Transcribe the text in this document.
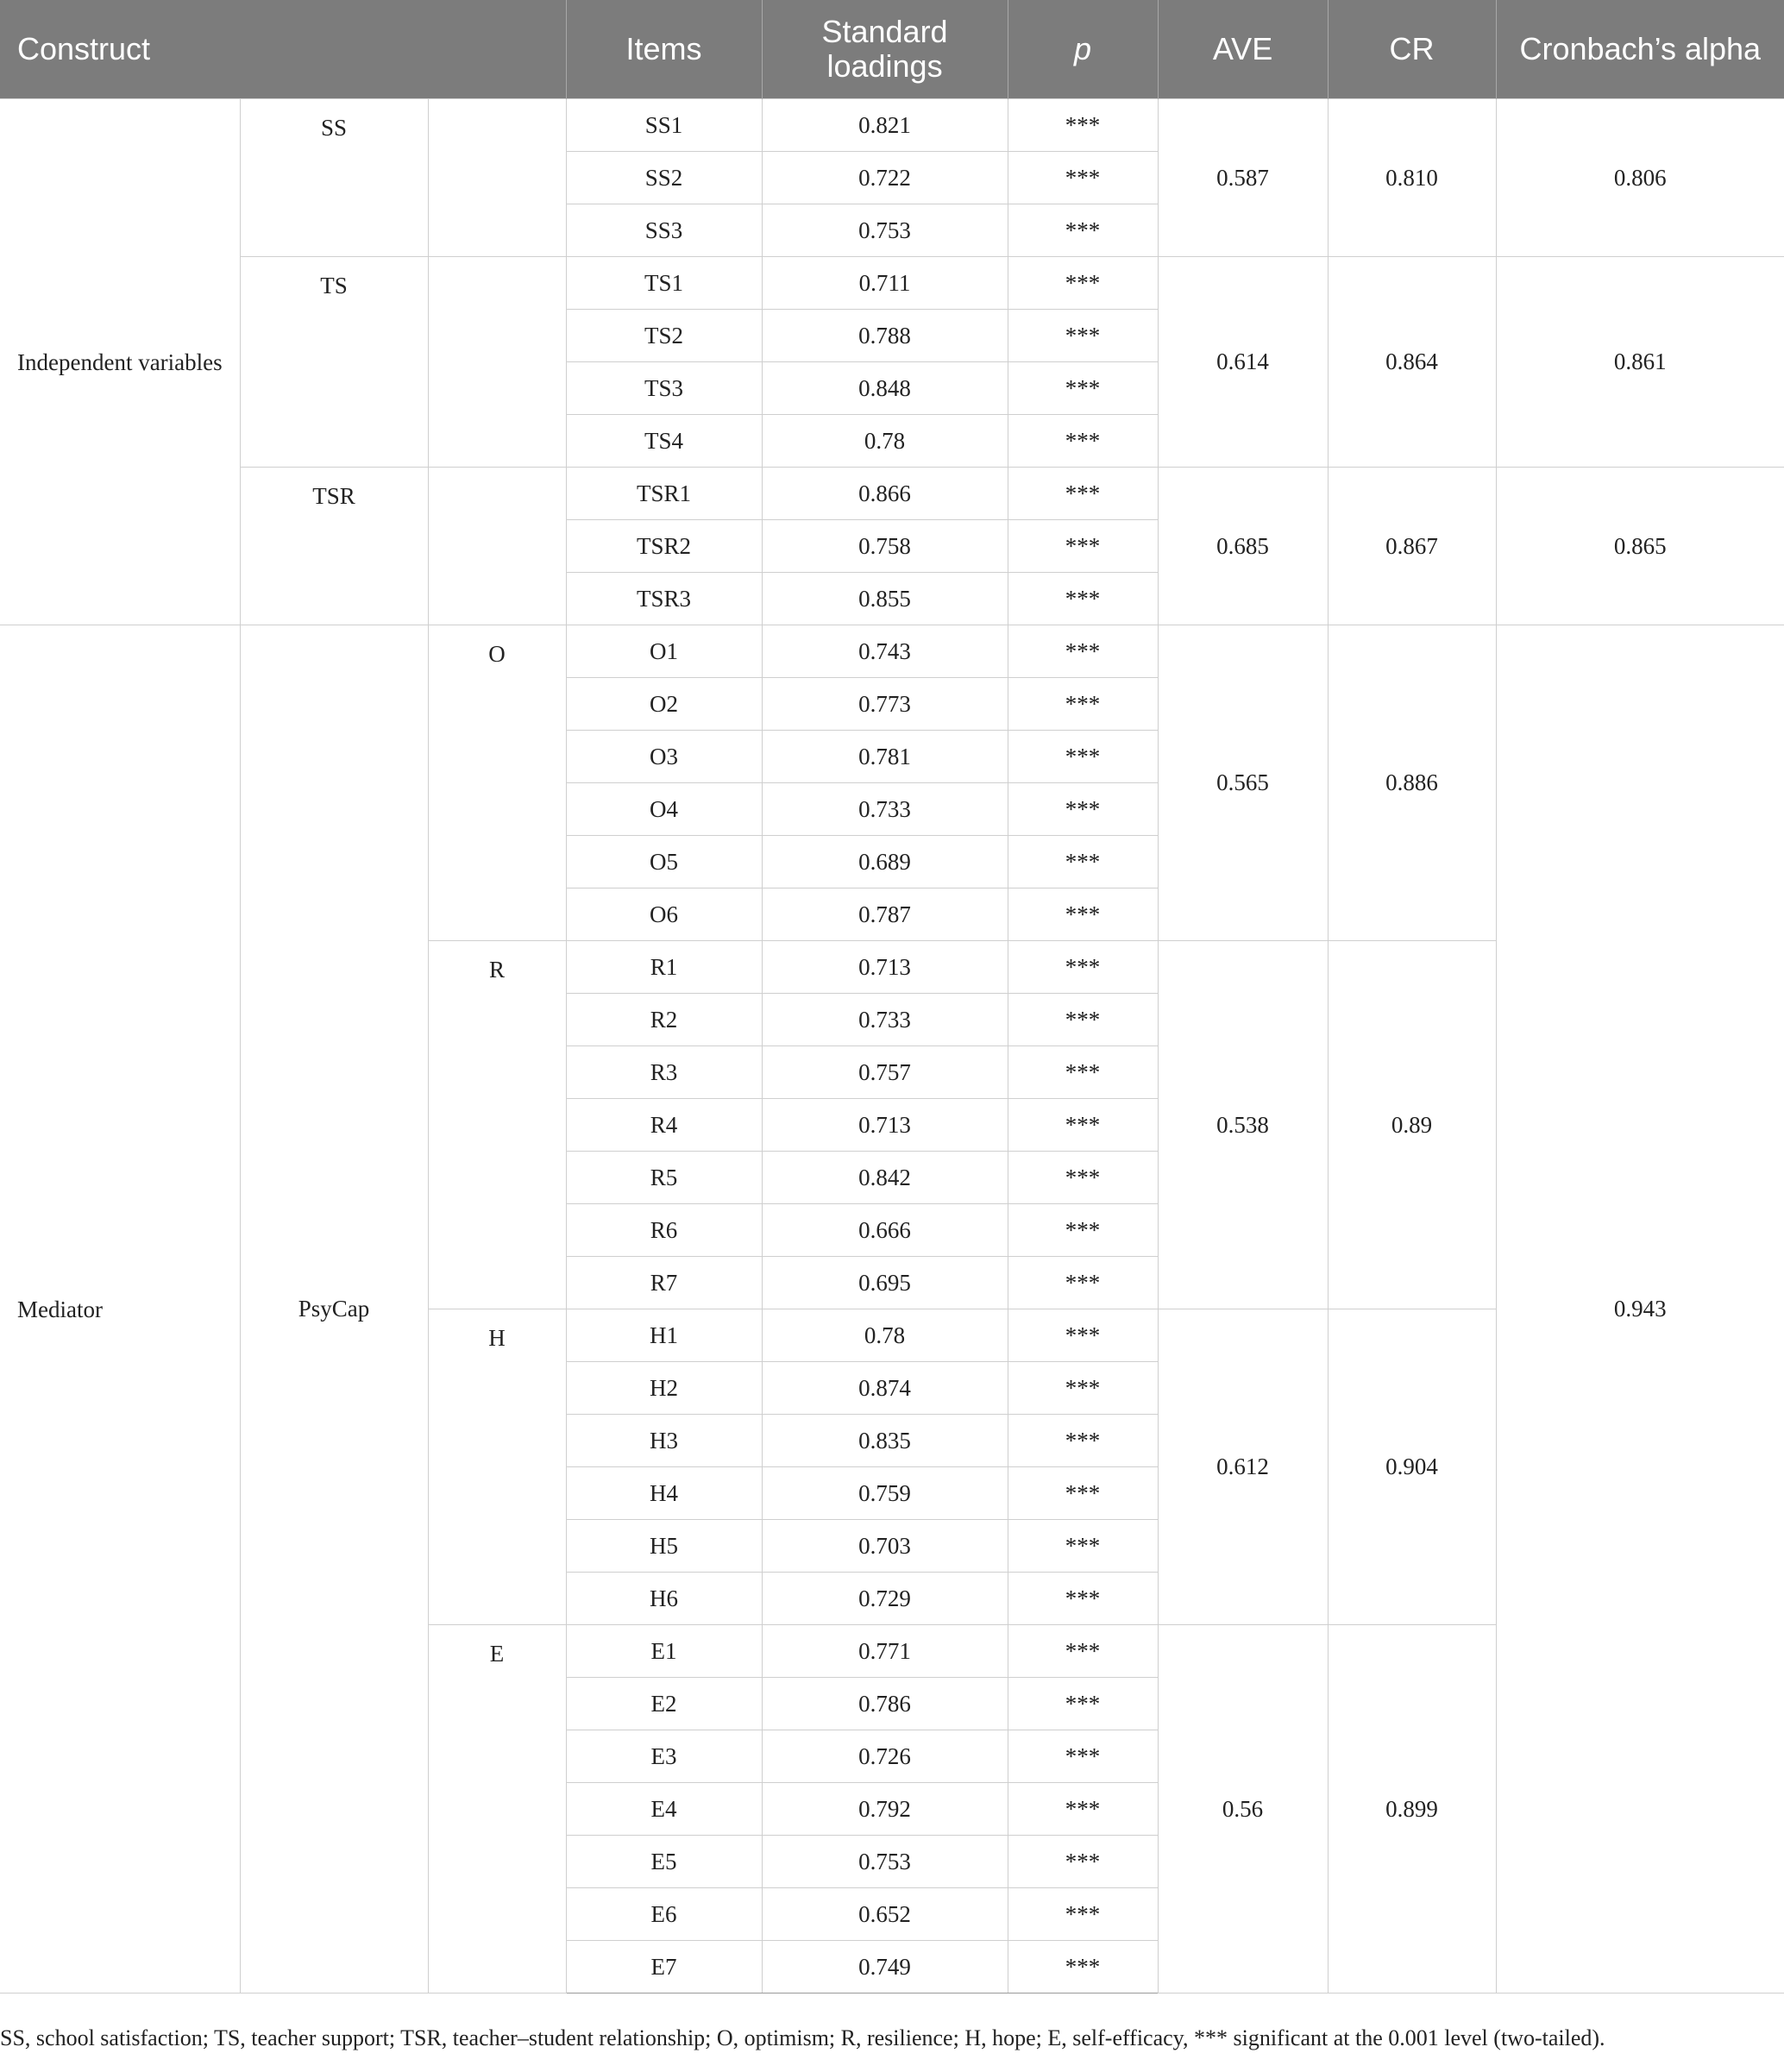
Construct			Items	Standard loadings	p	AVE	CR	Cronbach’s alpha
Independent variables	SS		SS1	0.821	***	0.587	0.810	0.806
			SS2	0.722	***			
			SS3	0.753	***			
	TS		TS1	0.711	***	0.614	0.864	0.861
			TS2	0.788	***			
			TS3	0.848	***			
			TS4	0.78	***			
	TSR		TSR1	0.866	***	0.685	0.867	0.865
			TSR2	0.758	***			
			TSR3	0.855	***			
Mediator	PsyCap	O	O1	0.743	***	0.565	0.886	0.943
			O2	0.773	***			
			O3	0.781	***			
			O4	0.733	***			
			O5	0.689	***			
			O6	0.787	***			
		R	R1	0.713	***	0.538	0.89	
			R2	0.733	***			
			R3	0.757	***			
			R4	0.713	***			
			R5	0.842	***			
			R6	0.666	***			
			R7	0.695	***			
		H	H1	0.78	***	0.612	0.904	
			H2	0.874	***			
			H3	0.835	***			
			H4	0.759	***			
			H5	0.703	***			
			H6	0.729	***			
		E	E1	0.771	***	0.56	0.899	
			E2	0.786	***			
			E3	0.726	***			
			E4	0.792	***			
			E5	0.753	***			
			E6	0.652	***			
			E7	0.749	***			
SS, school satisfaction; TS, teacher support; TSR, teacher–student relationship; O, optimism; R, resilience; H, hope; E, self-efficacy, *** significant at the 0.001 level (two-tailed).
